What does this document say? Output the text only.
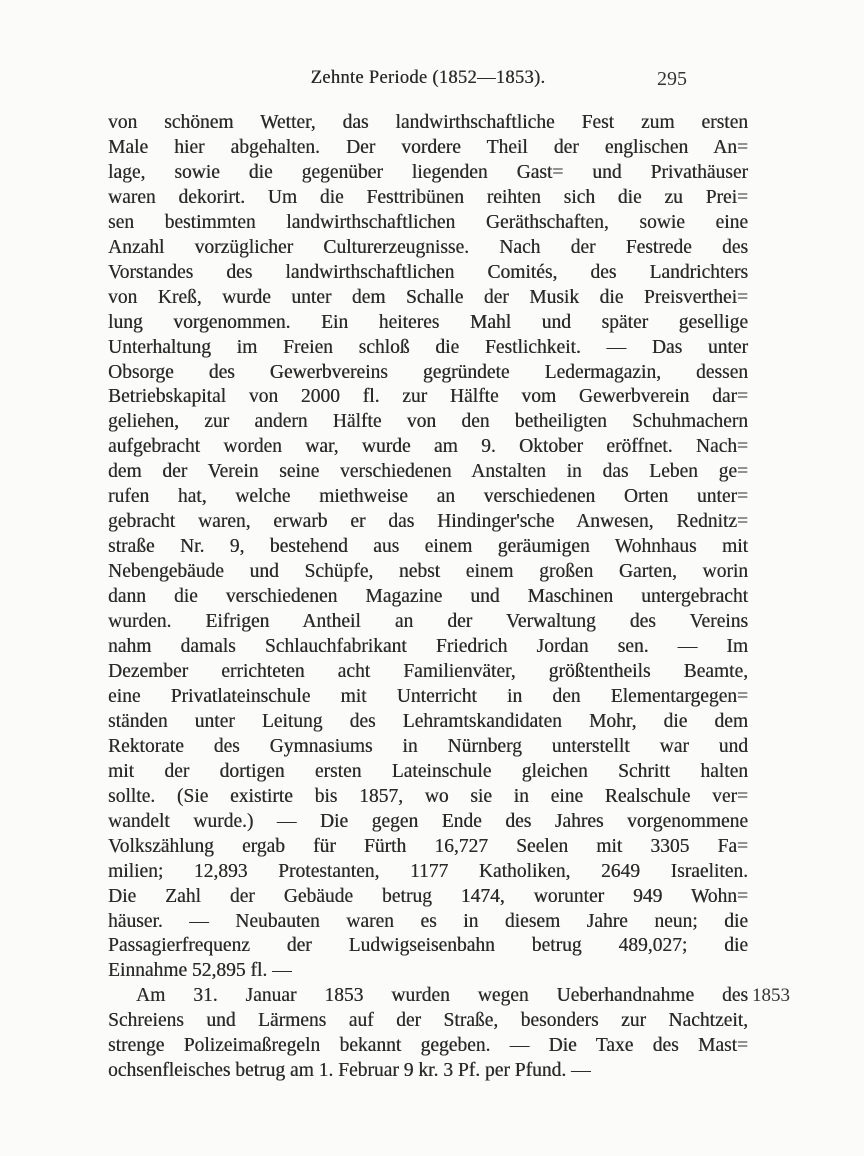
Zehnte Periode (1852—1853).	295
von schönem Wetter, das landwirthschaftliche Fest zum ersten
Male hier abgehalten. Der vordere Theil der englischen An=
lage, sowie die gegenüber liegenden Gast= und Privathäuser
waren dekorirt. Um die Festtribünen reihten sich die zu Prei=
sen bestimmten landwirthschaftlichen Geräthschaften, sowie eine
Anzahl vorzüglicher Culturerzeugnisse. Nach der Festrede des
Vorstandes des landwirthschaftlichen Comités, des Landrichters
von Kreß, wurde unter dem Schalle der Musik die Preisverthei=
lung vorgenommen. Ein heiteres Mahl und später gesellige
Unterhaltung im Freien schloß die Festlichkeit. — Das unter
Obsorge des Gewerbvereins gegründete Ledermagazin, dessen
Betriebskapital von 2000 fl. zur Hälfte vom Gewerbverein dar=
geliehen, zur andern Hälfte von den betheiligten Schuhmachern
aufgebracht worden war, wurde am 9. Oktober eröffnet. Nach=
dem der Verein seine verschiedenen Anstalten in das Leben ge=
rufen hat, welche miethweise an verschiedenen Orten unter=
gebracht waren, erwarb er das Hindinger'sche Anwesen, Rednitz=
straße Nr. 9, bestehend aus einem geräumigen Wohnhaus mit
Nebengebäude und Schüpfe, nebst einem großen Garten, worin
dann die verschiedenen Magazine und Maschinen untergebracht
wurden. Eifrigen Antheil an der Verwaltung des Vereins
nahm damals Schlauchfabrikant Friedrich Jordan sen. — Im
Dezember errichteten acht Familienväter, größtentheils Beamte,
eine Privatlateinschule mit Unterricht in den Elementargegen=
ständen unter Leitung des Lehramtskandidaten Mohr, die dem
Rektorate des Gymnasiums in Nürnberg unterstellt war und
mit der dortigen ersten Lateinschule gleichen Schritt halten
sollte. (Sie existirte bis 1857, wo sie in eine Realschule ver=
wandelt wurde.) — Die gegen Ende des Jahres vorgenommene
Volkszählung ergab für Fürth 16,727 Seelen mit 3305 Fa=
milien; 12,893 Protestanten, 1177 Katholiken, 2649 Israeliten.
Die Zahl der Gebäude betrug 1474, worunter 949 Wohn=
häuser. — Neubauten waren es in diesem Jahre neun; die
Passagierfrequenz der Ludwigseisenbahn betrug 489,027; die
Einnahme 52,895 fl. —
Am 31. Januar 1853 wurden wegen Ueberhandnahme des
Schreiens und Lärmens auf der Straße, besonders zur Nachtzeit,
strenge Polizeimaßregeln bekannt gegeben. — Die Taxe des Mast=
ochsenfleisches betrug am 1. Februar 9 kr. 3 Pf. per Pfund. —
1853
